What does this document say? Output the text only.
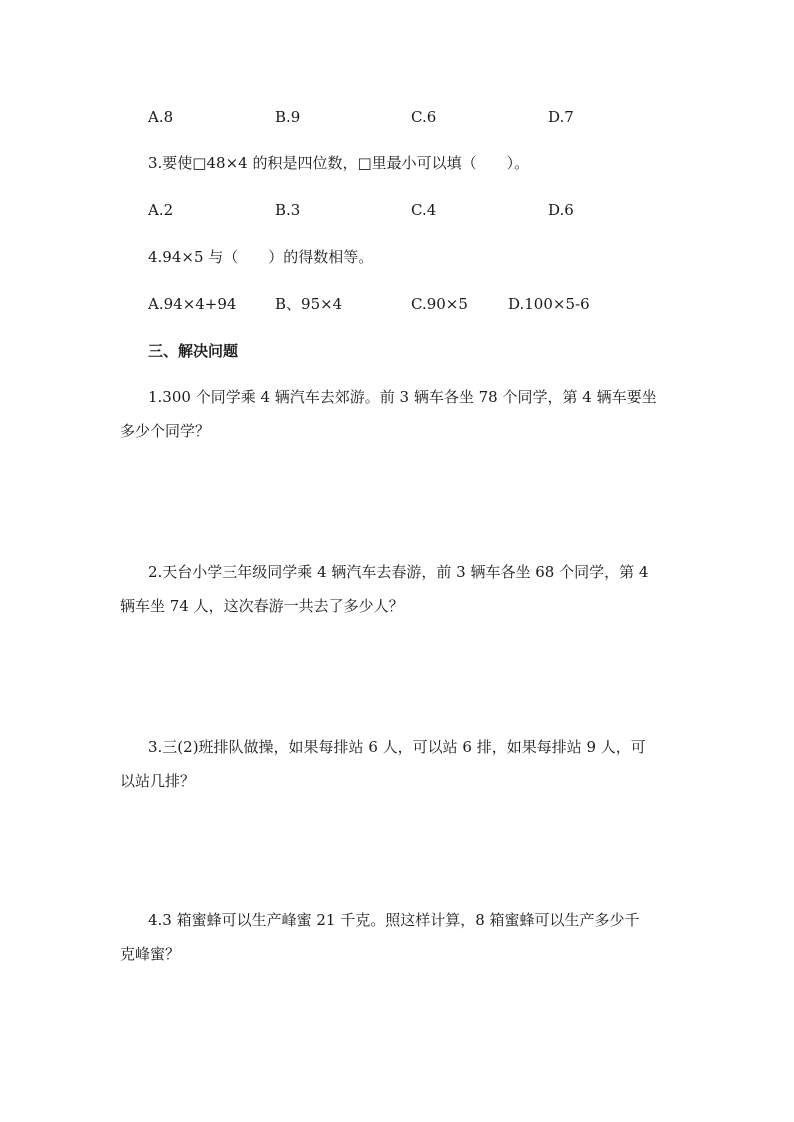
A.8	B.9	C.6	D.7
3.要使□48×4 的积是四位数，□里最小可以填（　　）。
A.2	B.3	C.4	D.6
4.94×5 与（　　）的得数相等。
A.94×4+94	B、95×4	C.90×5	D.100×5-6
三、解决问题
1.300 个同学乘 4 辆汽车去郊游。前 3 辆车各坐 78 个同学，第 4 辆车要坐
多少个同学？
2.天台小学三年级同学乘 4 辆汽车去春游，前 3 辆车各坐 68 个同学，第 4
辆车坐 74 人，这次春游一共去了多少人？
3.三(2)班排队做操，如果每排站 6 人，可以站 6 排，如果每排站 9 人，可
以站几排？
4.3 箱蜜蜂可以生产峰蜜 21 千克。照这样计算，8 箱蜜蜂可以生产多少千
克峰蜜？
